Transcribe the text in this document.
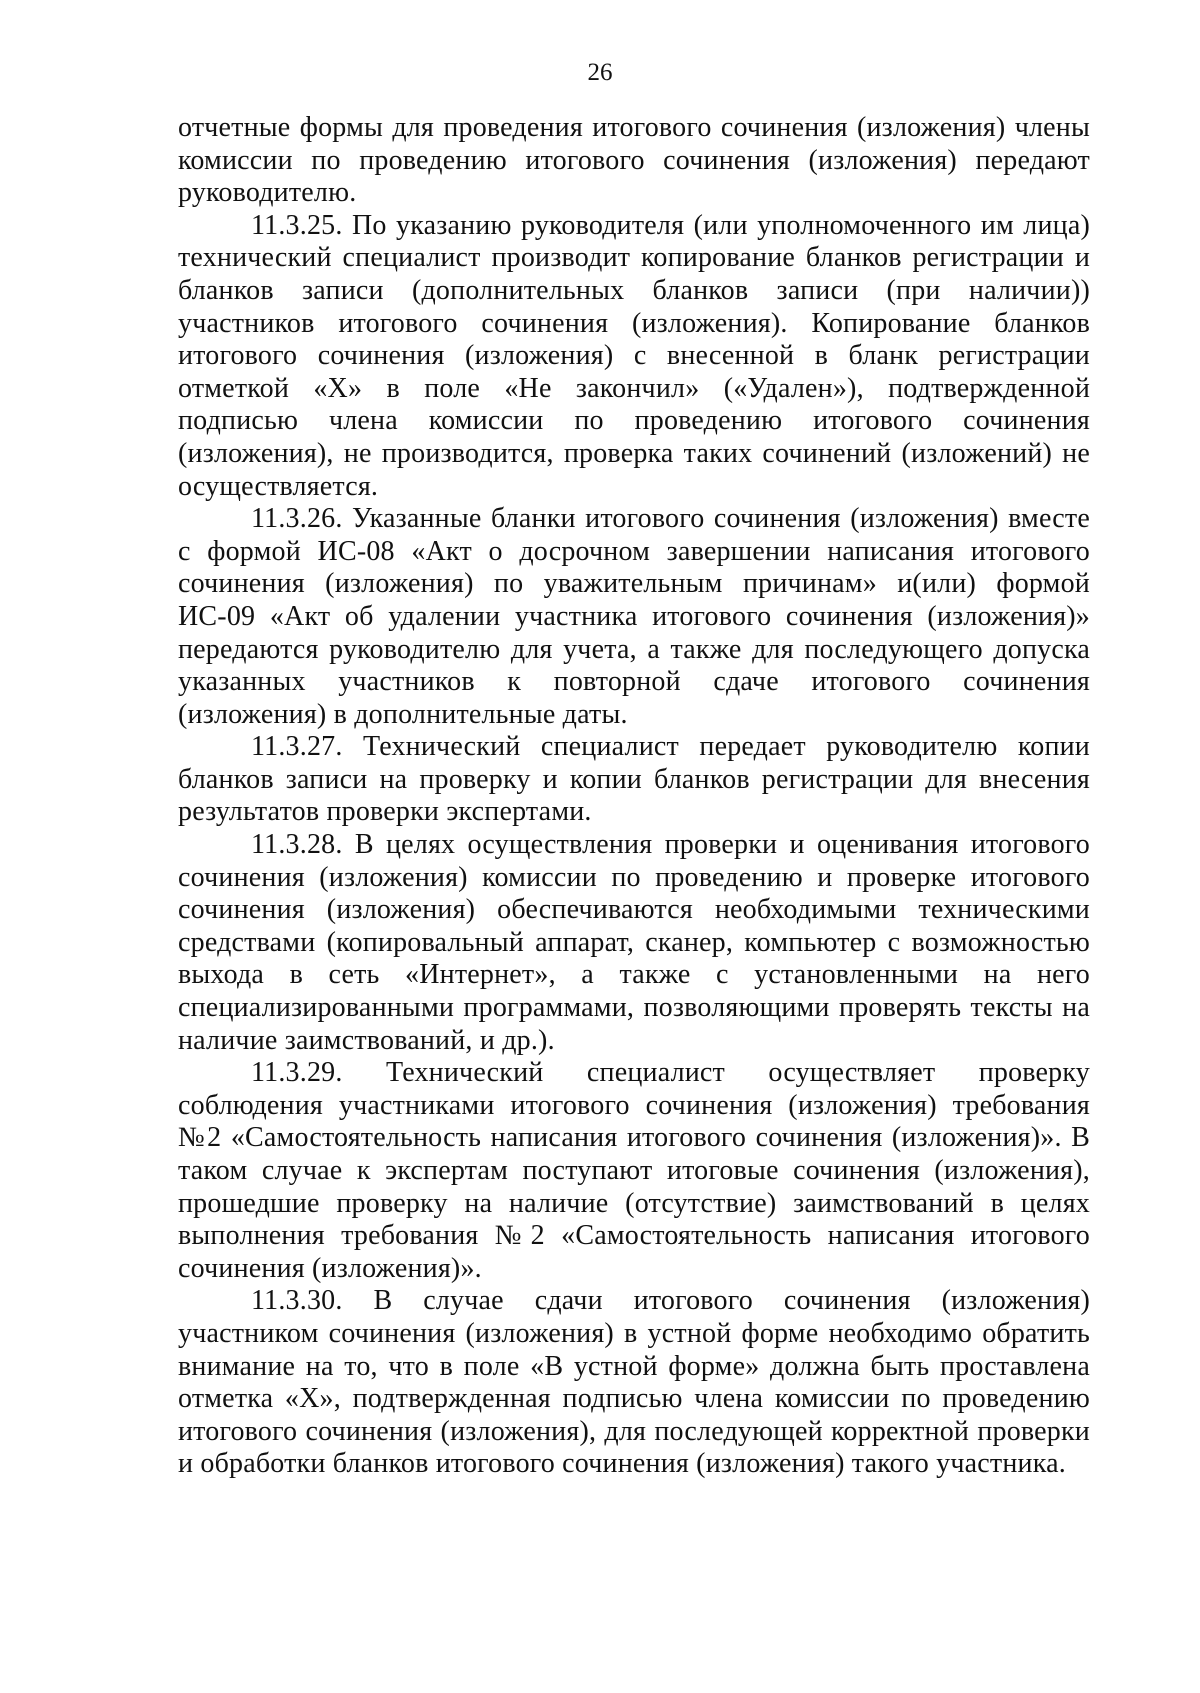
26

отчетные формы для проведения итогового сочинения (изложения) члены комиссии по проведению итогового сочинения (изложения) передают руководителю.

11.3.25. По указанию руководителя (или уполномоченного им лица) технический специалист производит копирование бланков регистрации и бланков записи (дополнительных бланков записи (при наличии)) участников итогового сочинения (изложения). Копирование бланков итогового сочинения (изложения) с внесенной в бланк регистрации отметкой «Х» в поле «Не закончил» («Удален»), подтвержденной подписью члена комиссии по проведению итогового сочинения (изложения), не производится, проверка таких сочинений (изложений) не осуществляется.

11.3.26. Указанные бланки итогового сочинения (изложения) вместе с формой ИС-08 «Акт о досрочном завершении написания итогового сочинения (изложения) по уважительным причинам» и(или) формой ИС-09 «Акт об удалении участника итогового сочинения (изложения)» передаются руководителю для учета, а также для последующего допуска указанных участников к повторной сдаче итогового сочинения (изложения) в дополнительные даты.

11.3.27. Технический специалист передает руководителю копии бланков записи на проверку и копии бланков регистрации для внесения результатов проверки экспертами.

11.3.28. В целях осуществления проверки и оценивания итогового сочинения (изложения) комиссии по проведению и проверке итогового сочинения (изложения) обеспечиваются необходимыми техническими средствами (копировальный аппарат, сканер, компьютер с возможностью выхода в сеть «Интернет», а также с установленными на него специализированными программами, позволяющими проверять тексты на наличие заимствований, и др.).

11.3.29. Технический специалист осуществляет проверку соблюдения участниками итогового сочинения (изложения) требования №2 «Самостоятельность написания итогового сочинения (изложения)». В таком случае к экспертам поступают итоговые сочинения (изложения), прошедшие проверку на наличие (отсутствие) заимствований в целях выполнения требования №2 «Самостоятельность написания итогового сочинения (изложения)».

11.3.30. В случае сдачи итогового сочинения (изложения) участником сочинения (изложения) в устной форме необходимо обратить внимание на то, что в поле «В устной форме» должна быть проставлена отметка «Х», подтвержденная подписью члена комиссии по проведению итогового сочинения (изложения), для последующей корректной проверки и обработки бланков итогового сочинения (изложения) такого участника.
